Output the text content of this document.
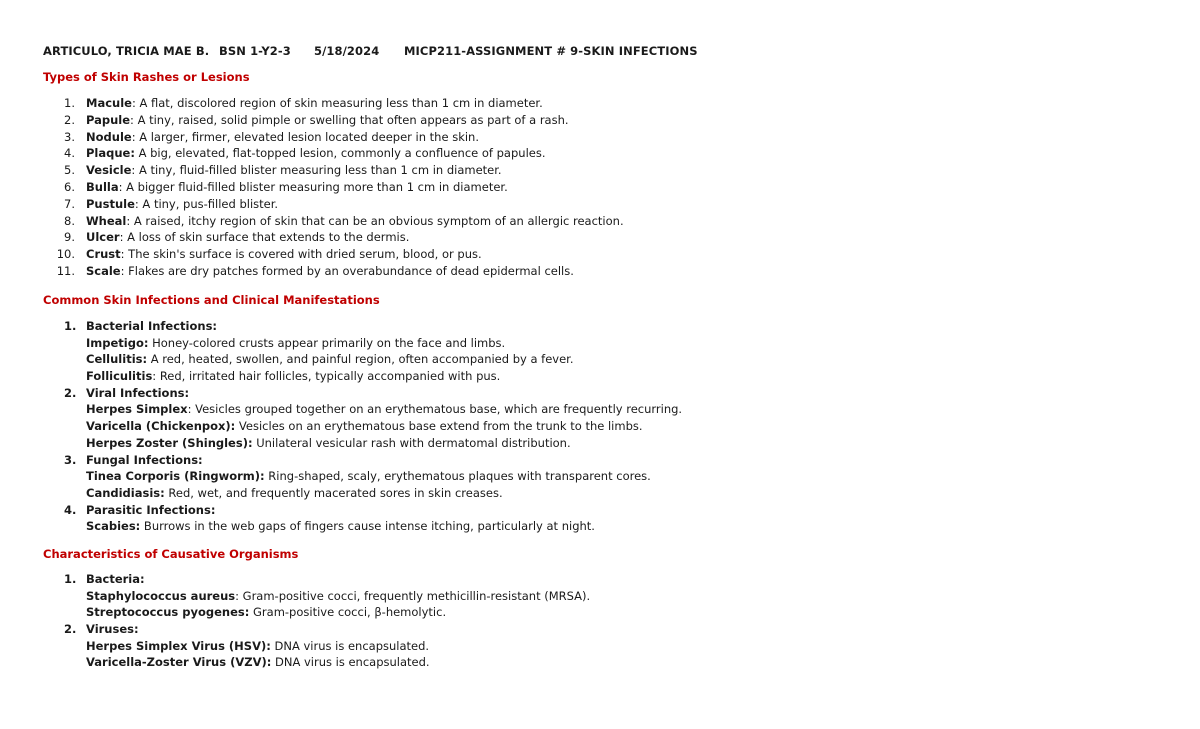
ARTICULO, TRICIA MAE B. BSN 1-Y2-3 5/18/2024 MICP211-ASSIGNMENT # 9-SKIN INFECTIONS
Types of Skin Rashes or Lesions
1. Macule: A flat, discolored region of skin measuring less than 1 cm in diameter.
2. Papule: A tiny, raised, solid pimple or swelling that often appears as part of a rash.
3. Nodule: A larger, firmer, elevated lesion located deeper in the skin.
4. Plaque: A big, elevated, flat-topped lesion, commonly a confluence of papules.
5. Vesicle: A tiny, fluid-filled blister measuring less than 1 cm in diameter.
6. Bulla: A bigger fluid-filled blister measuring more than 1 cm in diameter.
7. Pustule: A tiny, pus-filled blister.
8. Wheal: A raised, itchy region of skin that can be an obvious symptom of an allergic reaction.
9. Ulcer: A loss of skin surface that extends to the dermis.
10. Crust: The skin's surface is covered with dried serum, blood, or pus.
11. Scale: Flakes are dry patches formed by an overabundance of dead epidermal cells.
Common Skin Infections and Clinical Manifestations
1. Bacterial Infections:
Impetigo: Honey-colored crusts appear primarily on the face and limbs.
Cellulitis: A red, heated, swollen, and painful region, often accompanied by a fever.
Folliculitis: Red, irritated hair follicles, typically accompanied with pus.
2. Viral Infections:
Herpes Simplex: Vesicles grouped together on an erythematous base, which are frequently recurring.
Varicella (Chickenpox): Vesicles on an erythematous base extend from the trunk to the limbs.
Herpes Zoster (Shingles): Unilateral vesicular rash with dermatomal distribution.
3. Fungal Infections:
Tinea Corporis (Ringworm): Ring-shaped, scaly, erythematous plaques with transparent cores.
Candidiasis: Red, wet, and frequently macerated sores in skin creases.
4. Parasitic Infections:
Scabies: Burrows in the web gaps of fingers cause intense itching, particularly at night.
Characteristics of Causative Organisms
1. Bacteria:
Staphylococcus aureus: Gram-positive cocci, frequently methicillin-resistant (MRSA).
Streptococcus pyogenes: Gram-positive cocci, β-hemolytic.
2. Viruses:
Herpes Simplex Virus (HSV): DNA virus is encapsulated.
Varicella-Zoster Virus (VZV): DNA virus is encapsulated.
